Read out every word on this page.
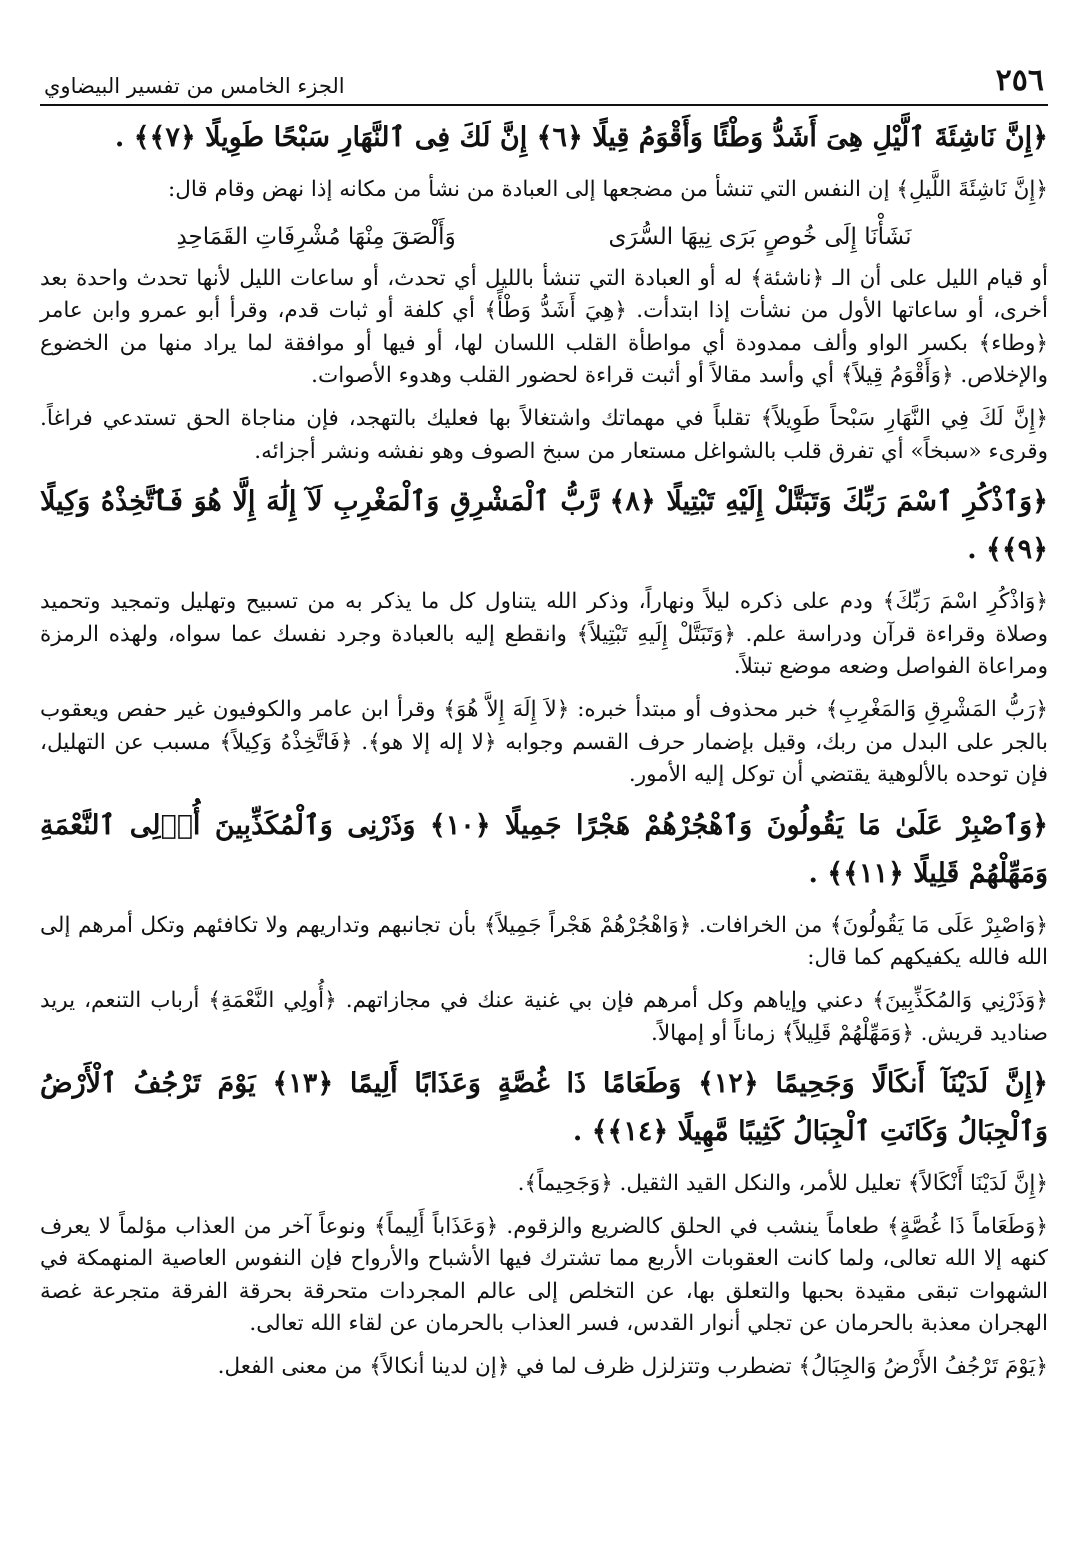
٢٥٦
الجزء الخامس من تفسير البيضاوي

﴿إِنَّ نَاشِئَةَ ٱلَّيْلِ هِىَ أَشَدُّ وَطْئًا وَأَقْوَمُ قِيلًا ﴿٦﴾ إِنَّ لَكَ فِى ٱلنَّهَارِ سَبْحًا طَوِيلًا ﴿٧﴾﴾ .

﴿إِنَّ نَاشِئَةَ اللَّيلِ﴾ إن النفس التي تنشأ من مضجعها إلى العبادة من نشأ من مكانه إذا نهض وقام قال:

نَشَأْنَا إِلَى خُوصٍ بَرَى نِيهَا السُّرَى
وَأَلْصَقَ مِنْهَا مُشْرِفَاتِ القَمَاحِدِ

أو قيام الليل على أن الـ ﴿ناشئة﴾ له أو العبادة التي تنشأ بالليل أي تحدث، أو ساعات الليل لأنها تحدث واحدة بعد أخرى، أو ساعاتها الأول من نشأت إذا ابتدأت. ﴿هِيَ أَشَدُّ وَطْأً﴾ أي كلفة أو ثبات قدم، وقرأ أبو عمرو وابن عامر ﴿وطاء﴾ بكسر الواو وألف ممدودة أي مواطأة القلب اللسان لها، أو فيها أو موافقة لما يراد منها من الخضوع والإخلاص. ﴿وَأَقْوَمُ قِيلاً﴾ أي وأسد مقالاً أو أثبت قراءة لحضور القلب وهدوء الأصوات.

﴿إِنَّ لَكَ فِي النَّهَارِ سَبْحاً طَوِيلاً﴾ تقلباً في مهماتك واشتغالاً بها فعليك بالتهجد، فإن مناجاة الحق تستدعي فراغاً. وقرىء «سبخاً» أي تفرق قلب بالشواغل مستعار من سبخ الصوف وهو نفشه ونشر أجزائه.

﴿وَٱذْكُرِ ٱسْمَ رَبِّكَ وَتَبَتَّلْ إِلَيْهِ تَبْتِيلًا ﴿٨﴾ رَّبُّ ٱلْمَشْرِقِ وَٱلْمَغْرِبِ لَآ إِلَٰهَ إِلَّا هُوَ فَٱتَّخِذْهُ وَكِيلًا ﴿٩﴾﴾ .

﴿وَاذْكُرِ اسْمَ رَبِّكَ﴾ ودم على ذكره ليلاً ونهاراً، وذكر الله يتناول كل ما يذكر به من تسبيح وتهليل وتمجيد وتحميد وصلاة وقراءة قرآن ودراسة علم. ﴿وَتَبَتَّلْ إِلَيهِ تَبْتِيلاً﴾ وانقطع إليه بالعبادة وجرد نفسك عما سواه، ولهذه الرمزة ومراعاة الفواصل وضعه موضع تبتلاً.

﴿رَبُّ المَشْرِقِ وَالمَغْرِبِ﴾ خبر محذوف أو مبتدأ خبره: ﴿لاَ إِلَهَ إِلاَّ هُوَ﴾ وقرأ ابن عامر والكوفيون غير حفص ويعقوب بالجر على البدل من ربك، وقيل بإضمار حرف القسم وجوابه ﴿لا إله إلا هو﴾. ﴿فَاتَّخِذْهُ وَكِيلاً﴾ مسبب عن التهليل، فإن توحده بالألوهية يقتضي أن توكل إليه الأمور.

﴿وَٱصْبِرْ عَلَىٰ مَا يَقُولُونَ وَٱهْجُرْهُمْ هَجْرًا جَمِيلًا ﴿١٠﴾ وَذَرْنِى وَٱلْمُكَذِّبِينَ أُو۟لِى ٱلنَّعْمَةِ وَمَهِّلْهُمْ قَلِيلًا ﴿١١﴾﴾ .

﴿وَاصْبِرْ عَلَى مَا يَقُولُونَ﴾ من الخرافات. ﴿وَاهْجُرْهُمْ هَجْراً جَمِيلاً﴾ بأن تجانبهم وتداريهم ولا تكافئهم وتكل أمرهم إلى الله فالله يكفيكهم كما قال:

﴿وَذَرْنِي وَالمُكَذِّبِينَ﴾ دعني وإياهم وكل أمرهم فإن بي غنية عنك في مجازاتهم. ﴿أُولِي النَّعْمَةِ﴾ أرباب التنعم، يريد صناديد قريش. ﴿وَمَهِّلْهُمْ قَلِيلاً﴾ زماناً أو إمهالاً.

﴿إِنَّ لَدَيْنَآ أَنكَالًا وَجَحِيمًا ﴿١٢﴾ وَطَعَامًا ذَا غُصَّةٍ وَعَذَابًا أَلِيمًا ﴿١٣﴾ يَوْمَ تَرْجُفُ ٱلْأَرْضُ وَٱلْجِبَالُ وَكَانَتِ ٱلْجِبَالُ كَثِيبًا مَّهِيلًا ﴿١٤﴾﴾ .

﴿إِنَّ لَدَيْنَا أَنْكَالاً﴾ تعليل للأمر، والنكل القيد الثقيل. ﴿وَجَحِيماً﴾.

﴿وَطَعَاماً ذَا غُصَّةٍ﴾ طعاماً ينشب في الحلق كالضريع والزقوم. ﴿وَعَذَاباً أَلِيماً﴾ ونوعاً آخر من العذاب مؤلماً لا يعرف كنهه إلا الله تعالى، ولما كانت العقوبات الأربع مما تشترك فيها الأشباح والأرواح فإن النفوس العاصية المنهمكة في الشهوات تبقى مقيدة بحبها والتعلق بها، عن التخلص إلى عالم المجردات متحرقة بحرقة الفرقة متجرعة غصة الهجران معذبة بالحرمان عن تجلي أنوار القدس، فسر العذاب بالحرمان عن لقاء الله تعالى.

﴿يَوْمَ تَرْجُفُ الأَرْضُ وَالجِبَالُ﴾ تضطرب وتتزلزل ظرف لما في ﴿إن لدينا أنكالاً﴾ من معنى الفعل.
